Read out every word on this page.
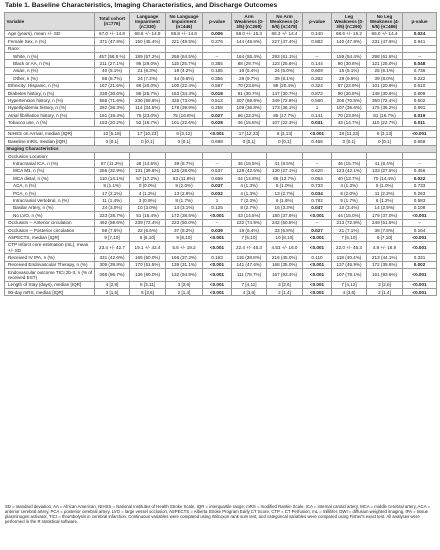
Table 1. Baseline Characteristics, Imaging Characteristics, and Discharge Outcomes
Variable	Total cohort (n=776)	Language Impairment (n=330)	No Language Impairment (n=446)	p-value	Arm Weakness (0-3/5) (n=298)	No Arm Weakness (4-5/5) (n=478)	p-value	Leg Weakness (0-3/5) (n=290)	No Leg Weakness (4-5/5) (n=486)	p-value
Age (years), mean +/- SD	67.0 +/- 14.8	68.6 +/- 14.9	65.8 +/- 14.6	0.006	68.0 +/- 15.3	66.3 +/- 14.4	0.140	68.6 +/- 15.2	66.0 +/- 14.4	0.024
Female Sex, n (%)	371 (47.8%)	150 (45.4%)	221 (49.5%)	0.276	144 (48.6%)	227 (47.4%)	0.882	140 (47.9%)	231 (47.6%)	0.941
Race:										
White, n (%)	457 (58.8 %)	189 (57.2%)	268 (64.5%)	--	164 (55.4%)	293 (61.1%)	--	159 (54.4%)	298 (61.6%)	--
Black or AA, n (%)	211 (27.1%)	96 (29.0%)	115 (25.7%)	0.355	88 (29.7%)	123 (25.6%)	0.144	90 (30.8%)	121 (25.0%)	0.048
Asian, n (%)	40 (5.1%)	21 (6.3%)	19 (4.2%)	0.185	16 (5.4%)	24 (5.0%)	0.609	15 (5.1%)	25 (5.1%)	0.736
Other, n (%)	68 (8.7%)	24 (7.2%)	44 (9.8%)	0.356	29 (9.7%)	39 (8.1%)	0.282	29 (9.9%)	39 (8.0%)	0.222
Ethnicity: Hispanic, n (%)	167 (21.6%)	66 (20.0%)	100 (22.4%)	0.597	70 (23.6%)	98 (20.4%)	0.324	67 (22.9%)	101 (20.9%)	0.510
Diabetes history, n (%)	238 (30.6%)	85 (25.7%)	153 (34.3%)	0.018	91 (30.7%)	147 (30.7%)	0.872	90 (30.8%)	148 (30.6%)	0.809
Hypertension history, n (%)	556 (71.6%)	230 (69.6%)	326 (73.0%)	0.513	207 (69.9%)	349 (72.8%)	0.560	206 (70.5%)	350 (72.4%)	0.602
Hyperlipidemia history, n (%)	282 (36.3%)	114 (34.5%)	178 (39.9%)	0.258	109 (36.8%)	173 (36.1%)	1	107 (36.6%)	175 (36.2%)	0.891
Atrial fibrillation history, n (%)	151 (19.4%)	76 (23.0%)	75 (16.8%)	0.027	66 (22.2%)	85 (17.7%)	0.141	70 (23.9%)	81 (16.7%)	0.019
Tobacco use, n (%)	153 (20.2%)	52 (15.7%)	101 (22.6%)	0.028	46 (15.5%)	107 (22.3%)	0.031	43 (14.7%)	110 (22.7%)	0.011

NIHSS on Arrival, median [IQR]	10 [5,18]	17 [10,23]	6 [3,12]	<0.001	17 [12,23]	6 [3,13]	<0.001	18 [11,23]	6 [3,13]	<0.001
Baseline mRS, median [IQR]	0 [0,1]	0 [0,1]	0 [0,1]	0.698	0 [0,1]	0 [0,1]	0.466	0 [0,1]	0 [0,1]	0.658
Imaging Characteristics										
Occlusion Location:										
Intracranial ICA, n (%)	87 (11.2%)	48 (14.5%)	39 (8.7%)	--	46 (15.5%)	41 (8.5%)	--	46 (15.7%)	41 (8.4%)	--
MCA M1, n (%)	256 (32.9%)	131 (39.6%)	125 (28.0%)	0.537	128 (42.5%)	130 (27.1%)	0.620	123 (42.1%)	133 (27.5%)	0.456
MCA distal, n (%)	110 (14.1%)	57 (17.2%)	53 (11.8%)	0.669	44 (14.8%)	66 (13.7%)	0.064	40 (13.7%)	70 (14.4%)	0.022
ACA, n (%)	9 (1.1%)	0 (0.0%)	9 (2.0%)	0.037	4 (1.3%)	5 (1.0%)	0.733	4 (1.3%)	5 (1.0%)	0.733
PCA, n (%)	17 (2.1%)	4 (1.2%)	13 (2.9%)	0.032	4 (1.3%)	13 (2.7%)	0.034	6 (2.0%)	11 (2.2%)	0.263
Intracranial Vertebral, n (%)	11 (1.4%)	3 (0.9%)	8 (1.7%)	1	7 (2.3%)	6 (1.6%)	0.782	5 (1.7%)	6 (1.2%)	0.583
Basilar Artery, n (%)	24 (3.0%)	10 (3.0%)	14 (3.1%)	0.125	8 (2.7%)	16 (3.3%)	0.047	10 (3.4%)	14 (2.9%)	0.108
No LVO, n (%)	223 (28.7%)	51 (15.4%)	172 (38.5%)	<0.001	43 (14.5%)	180 (37.6%)	<0.001	44 (15.0%)	179 (37.0%)	<0.001
Occlusion -- Anterior circulation	462 (59.6%)	239 (72.4%)	223 (50.0%)	--	222 (74.9%)	242 (50.5%)	--	213 (72.9%)	249 (51.5%)	--
Occlusion -- Posterior circulation	58 (7.6%)	22 (6.6%)	37 (8.2%)	0.039	19 (6.4%)	33 (6.8%)	0.027	21 (7.1%)	38 (7.8%)	0.164
ASPECTS, median [IQR]	9 [7,10]	8 [6,10]	9 [8,10]	<0.001	7 [5,10]	10 [8,10]	<0.001	7 [5,10]	9 [7,10]	<0.001
CTP Infarct core estimation (mL), mean +/- SD	23.4 +/- 42.7	19.1 +/- 42.4	5.6 +/- 19.2	<0.001	22.4 +/- 46.3	4.53 +/- 16.0	<0.001	22.0 +/- 45.3	4.9 +/- 16.9	<0.001
Received IV tPA, n (%)	331 (42.6%)	165 (50.0%)	166 (37.2%)	0.163	115 (38.8%)	216 (45.0%)	0.110	118 (40.4%)	213 (44.1%)	0.331
Received Endovascular Therapy, n (%)	309 (39.8%)	170 (51.5%)	139 (31.1%)	<0.001	141 (47.6%)	168 (35.0%)	<0.001	137 (46.9%)	172 (35.6%)	0.002
Endovascular outcome TICI 2b-3, n (% of received EST)	268 (86.7%)	136 (80.0%)	132 (94.9%)	<0.001	111 (78.7%)	157 (93.4%)	<0.001	107 (78.1%)	161 (93.6%)	<0.001
Length of Stay (days), median [IQR]	4 [2,8]	6 [3,11]	3 [2,6]	<0.001	7 [4,11]	3 [2,6]	<0.001	7 [4,12]	3 [2,6]	<0.001
90-day mRS, median [IQR]	3 [1,5]	5 [3,6]	2 [1,4]	<0.001	4 [3,6]	2 [1,4]	<0.001	4 [3,6]	2 [1,4]	<0.001
SD = standard deviation, AA = African American, NIHSS = National Institutes of Health Stroke Scale, IQR = interquartile range, mRS = modified Rankin Scale, ICA = internal carotid artery, MCA = middle cerebral artery, ACA = anterior cerebral artery, PCA = posterior cerebral artery, LVO = large vessel occlusion, ASPECTS = Alberta Stroke Program Early CT Score, CTP = CT Perfusion, mL = milliliter, DWI = diffusion weighted imaging, tPA = tissue plasminogen activator, TICI = thrombolysis in cerebral infarction. Continuous variables were compared using Wilcoxon rank sum test, and categorical variables were compared using Fisher's exact test. All analyses were performed in the R statistical software.
